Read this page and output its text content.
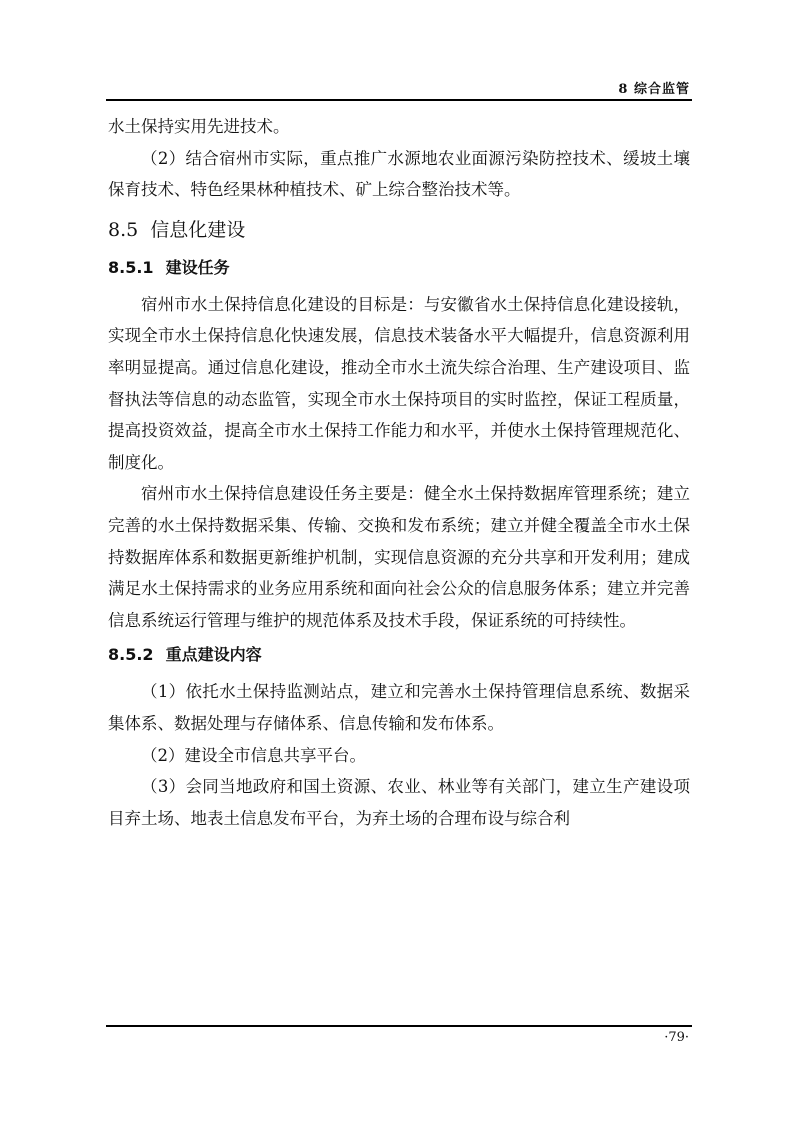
8 综合监管

水土保持实用先进技术。

（2）结合宿州市实际，重点推广水源地农业面源污染防控技术、缓坡土壤保育技术、特色经果林种植技术、矿上综合整治技术等。

8.5 信息化建设
8.5.1 建设任务

宿州市水土保持信息化建设的目标是：与安徽省水土保持信息化建设接轨，实现全市水土保持信息化快速发展，信息技术装备水平大幅提升，信息资源利用率明显提高。通过信息化建设，推动全市水土流失综合治理、生产建设项目、监督执法等信息的动态监管，实现全市水土保持项目的实时监控，保证工程质量，提高投资效益，提高全市水土保持工作能力和水平，并使水土保持管理规范化、制度化。

宿州市水土保持信息建设任务主要是：健全水土保持数据库管理系统；建立完善的水土保持数据采集、传输、交换和发布系统；建立并健全覆盖全市水土保持数据库体系和数据更新维护机制，实现信息资源的充分共享和开发利用；建成满足水土保持需求的业务应用系统和面向社会公众的信息服务体系；建立并完善信息系统运行管理与维护的规范体系及技术手段，保证系统的可持续性。

8.5.2 重点建设内容

（1）依托水土保持监测站点，建立和完善水土保持管理信息系统、数据采集体系、数据处理与存储体系、信息传输和发布体系。

（2）建设全市信息共享平台。

（3）会同当地政府和国土资源、农业、林业等有关部门，建立生产建设项目弃土场、地表土信息发布平台，为弃土场的合理布设与综合利

·79·
